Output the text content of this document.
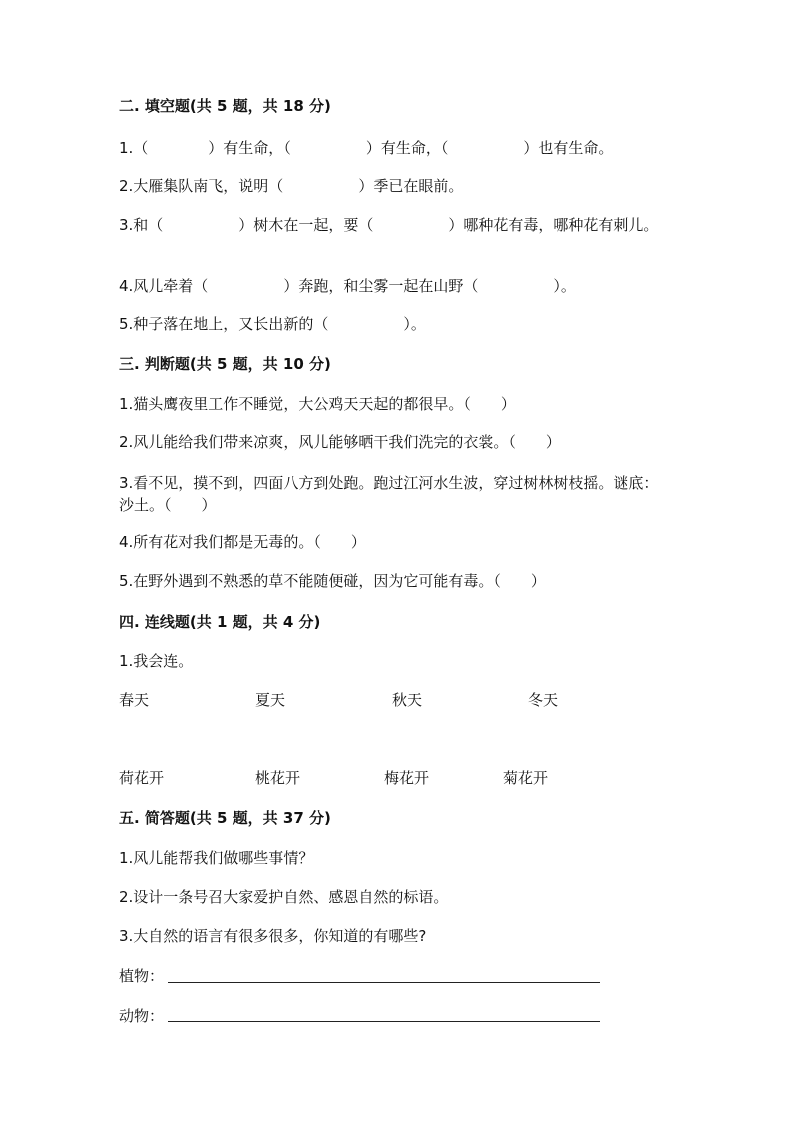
二. 填空题(共 5 题，共 18 分)
1.（　　　　）有生命，（　　　　　）有生命，（　　　　　）也有生命。
2.大雁集队南飞，说明（　　　　　）季已在眼前。
3.和（　　　　　）树木在一起，要（　　　　　）哪种花有毒，哪种花有刺儿。
4.风儿牵着（　　　　　）奔跑，和尘雾一起在山野（　　　　　）。
5.种子落在地上，又长出新的（　　　　　）。
三. 判断题(共 5 题，共 10 分)
1.猫头鹰夜里工作不睡觉，大公鸡天天起的都很早。（　　）
2.风儿能给我们带来凉爽，风儿能够晒干我们洗完的衣裳。（　　）
3.看不见，摸不到，四面八方到处跑。跑过江河水生波，穿过树林树枝摇。谜底：沙土。（　　）
4.所有花对我们都是无毒的。（　　）
5.在野外遇到不熟悉的草不能随便碰，因为它可能有毒。（　　）
四. 连线题(共 1 题，共 4 分)
1.我会连。
春天	夏天	秋天	冬天
荷花开	桃花开	梅花开	菊花开
五. 简答题(共 5 题，共 37 分)
1.风儿能帮我们做哪些事情？
2.设计一条号召大家爱护自然、感恩自然的标语。
3.大自然的语言有很多很多，你知道的有哪些?
植物：
动物：
